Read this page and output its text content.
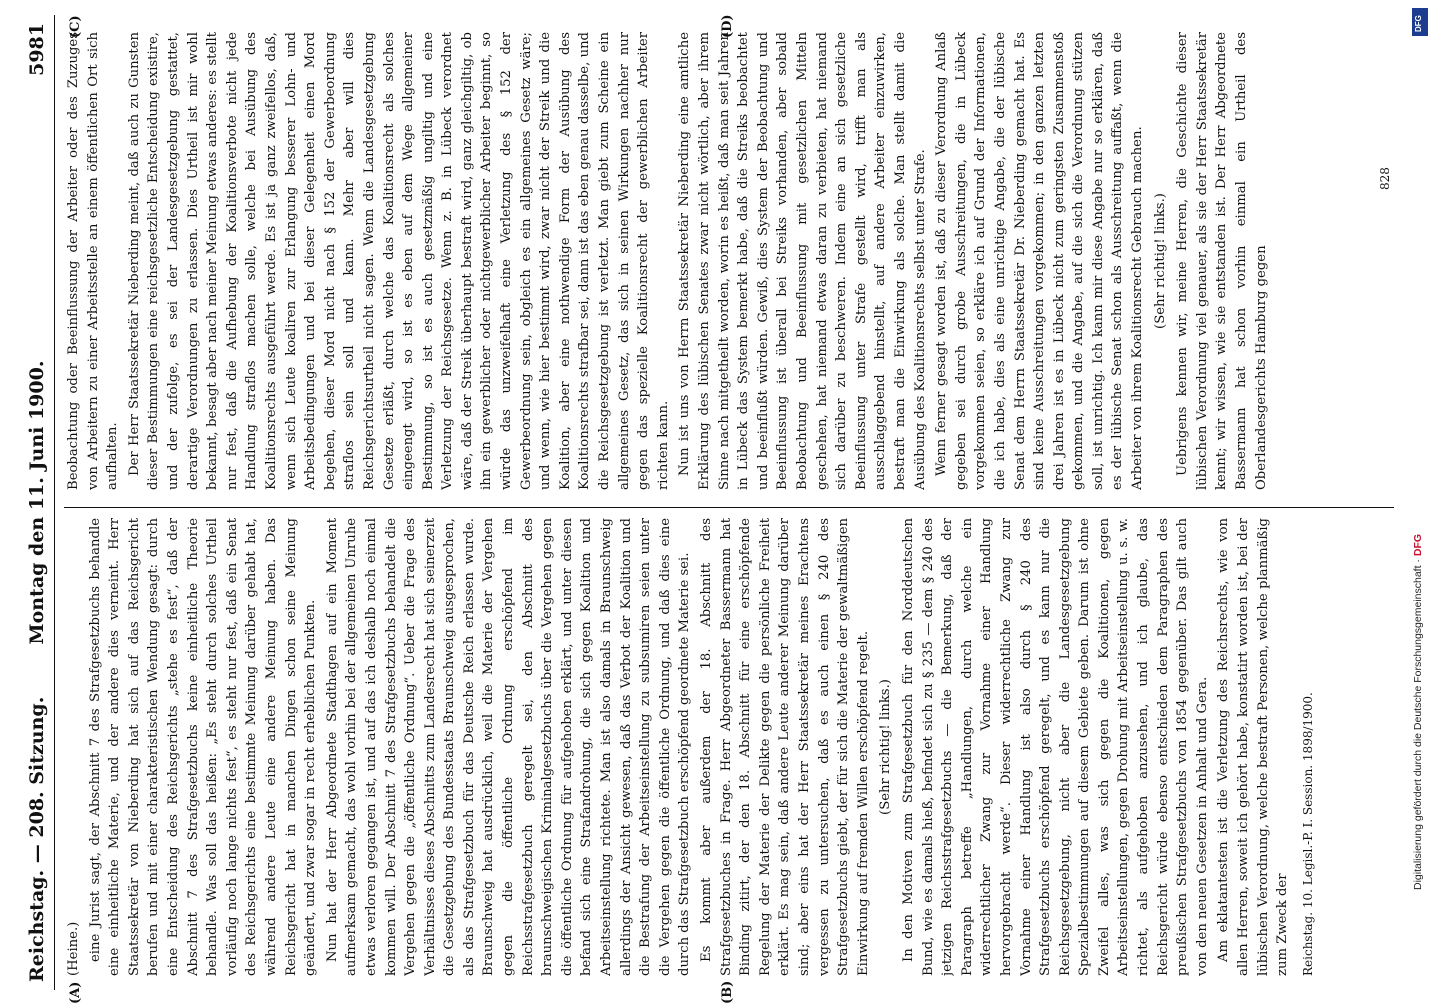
Reichstag. — 208. Sitzung.
Montag den 11. Juni 1900.
5981
(A)	(B)
(C)	(D)

(Heine.) eine Jurist sagt, der Abschnitt 7 des Strafgesetzbuchs behandle eine einheitliche Materie, und der andere dies verneint. Herr Staatssekretär von Nieberding hat sich auf das Reichsgericht berufen und mit einer charakteristischen Wendung gesagt: durch eine Entscheidung des Reichsgerichts „stehe es fest“, daß der Abschnitt 7 des Strafgesetzbuchs keine einheitliche Theorie behandle. Was soll das heißen: „Es steht durch solches Urtheil vorläufig noch lange nichts fest“, es steht nur fest, daß ein Senat des Reichsgerichts eine bestimmte Meinung darüber gehabt hat, während andere Leute eine andere Meinung haben. Das Reichsgericht hat in manchen Dingen schon seine Meinung geändert, und zwar sogar in recht erheblichen Punkten. Nun hat der Herr Abgeordnete Stadthagen auf ein Moment aufmerksam gemacht, das wohl vorhin bei der allgemeinen Unruhe etwas verloren gegangen ist, und auf das ich deshalb noch einmal kommen will. Der Abschnitt 7 des Strafgesetzbuchs behandelt die Vergehen gegen die „öffentliche Ordnung“. Ueber die Frage des Verhältnisses dieses Abschnitts zum Landesrecht hat sich seinerzeit die Gesetzgebung des Bundesstaats Braunschweig ausgesprochen, als das Strafgesetzbuch für das Deutsche Reich erlassen wurde. Braunschweig hat ausdrücklich, weil die Materie der Vergehen gegen die öffentliche Ordnung erschöpfend im Reichsstrafgesetzbuch geregelt sei, den Abschnitt des braunschweigischen Kriminalgesetzbuchs über die Vergehen gegen die öffentliche Ordnung für aufgehoben erklärt, und unter diesen befand sich eine Strafandrohung, die sich gegen Koalition und Arbeitseinstellung richtete. Man ist also damals in Braunschweig allerdings der Ansicht gewesen, daß das Verbot der Koalition und die Bestrafung der Arbeitseinstellung zu subsumiren seien unter die Vergehen gegen die öffentliche Ordnung, und daß dies eine durch das Strafgesetzbuch erschöpfend geordnete Materie sei. Es kommt aber außerdem der 18. Abschnitt des Strafgesetzbuches in Frage. Herr Abgeordneter Bassermann hat Binding zitirt, der den 18. Abschnitt für eine erschöpfende Regelung der Materie der Delikte gegen die persönliche Freiheit erklärt. Es mag sein, daß andere Leute anderer Meinung darüber sind; aber eins hat der Herr Staatssekretär meines Erachtens vergessen zu untersuchen, daß es auch einen § 240 des Strafgesetzbuchs giebt, der für sich die Materie der gewaltmäßigen Einwirkung auf fremden Willen erschöpfend regelt. (Sehr richtig! links.) In den Motiven zum Strafgesetzbuch für den Norddeutschen Bund, wie es damals hieß, befindet sich zu § 235 — dem § 240 des jetzigen Reichsstrafgesetzbuchs — die Bemerkung, daß der Paragraph betreffe „Handlungen, durch welche ein widerrechtlicher Zwang zur Vornahme einer Handlung hervorgebracht werde“. Dieser widerrechtliche Zwang zur Vornahme einer Handlung ist also durch § 240 des Strafgesetzbuchs erschöpfend geregelt, und es kann nur die Reichsgesetzgebung, nicht aber die Landesgesetzgebung Spezialbestimmungen auf diesem Gebiete geben. Darum ist ohne Zweifel alles, was sich gegen die Koalitionen, gegen Arbeitseinstellungen, gegen Drohung mit Arbeitseinstellung u. s. w. richtet, als aufgehoben anzusehen, und ich glaube, das Reichsgericht würde ebenso entschieden dem Paragraphen des preußischen Strafgesetzbuchs von 1854 gegenüber. Das gilt auch von den neuen Gesetzen in Anhalt und Gera. Am eklatantesten ist die Verletzung des Reichsrechts, wie von allen Herren, soweit ich gehört habe, konstatirt worden ist, bei der lübischen Verordnung, welche bestraft Personen, welche planmäßig zum Zweck der Reichstag. 10. Legisl.-P. I. Session. 1898/1900.

Beobachtung oder Beeinflussung der Arbeiter oder des Zuzuges von Arbeitern zu einer Arbeitsstelle an einem öffentlichen Ort sich aufhalten. Der Herr Staatssekretär Nieberding meint, daß auch zu Gunsten dieser Bestimmungen eine reichsgesetzliche Entscheidung existire, und der zufolge, es sei der Landesgesetzgebung gestattet, derartige Verordnungen zu erlassen. Dies Urtheil ist mir wohl bekannt, besagt aber nach meiner Meinung etwas anderes: es stellt nur fest, daß die Aufhebung der Koalitionsverbote nicht jede Handlung straflos machen solle, welche bei Ausübung des Koalitionsrechts ausgeführt werde. Es ist ja ganz zweifellos, daß, wenn sich Leute koaliren zur Erlangung besserer Lohn- und Arbeitsbedingungen und bei dieser Gelegenheit einen Mord begehen, dieser Mord nicht nach § 152 der Gewerbeordnung straflos sein soll und kann. Mehr aber will dies Reichsgerichtsurtheil nicht sagen. Wenn die Landesgesetzgebung Gesetze erläßt, durch welche das Koalitionsrecht als solches eingeengt wird, so ist es eben auf dem Wege allgemeiner Bestimmung, so ist es auch gesetzmäßig ungiltig und eine Verletzung der Reichsgesetze. Wenn z. B. in Lübeck verordnet wäre, daß der Streik überhaupt bestraft wird, ganz gleichgiltig, ob ihn ein gewerblicher oder nichtgewerblicher Arbeiter beginnt, so würde das unzweifelhaft eine Verletzung des § 152 der Gewerbeordnung sein, obgleich es ein allgemeines Gesetz wäre; und wenn, wie hier bestimmt wird, zwar nicht der Streik und die Koalition, aber eine nothwendige Form der Ausübung des Koalitionsrechts strafbar sei, dann ist das eben genau dasselbe, und die Reichsgesetzgebung ist verletzt. Man giebt zum Scheine ein allgemeines Gesetz, das sich in seinen Wirkungen nachher nur gegen das spezielle Koalitionsrecht der gewerblichen Arbeiter richten kann. Nun ist uns von Herrn Staatssekretär Nieberding eine amtliche Erklärung des lübischen Senates zwar nicht wörtlich, aber ihrem Sinne nach mitgetheilt worden, worin es heißt, daß man seit Jahren in Lübeck das System bemerkt habe, daß die Streiks beobachtet und beeinflußt würden. Gewiß, dies System der Beobachtung und Beeinflussung ist überall bei Streiks vorhanden, aber sobald Beobachtung und Beeinflussung mit gesetzlichen Mitteln geschehen, hat niemand etwas daran zu verbieten, hat niemand sich darüber zu beschweren. Indem eine an sich gesetzliche Beeinflussung unter Strafe gestellt wird, trifft man als ausschlaggebend hinstellt, auf andere Arbeiter einzuwirken, bestraft man die Einwirkung als solche. Man stellt damit die Ausübung des Koalitionsrechts selbst unter Strafe. Wenn ferner gesagt worden ist, daß zu dieser Verordnung Anlaß gegeben sei durch grobe Ausschreitungen, die in Lübeck vorgekommen seien, so erkläre ich auf Grund der Informationen, die ich habe, dies als eine unrichtige Angabe, die der lübische Senat dem Herrn Staatssekretär Dr. Nieberding gemacht hat. Es sind keine Ausschreitungen vorgekommen; in den ganzen letzten drei Jahren ist es in Lübeck nicht zum geringsten Zusammenstoß gekommen, und die Angabe, auf die sich die Verordnung stützen soll, ist unrichtig. Ich kann mir diese Angabe nur so erklären, daß es der lübische Senat schon als Ausschreitung auffaßt, wenn die Arbeiter von ihrem Koalitionsrecht Gebrauch machen. (Sehr richtig! links.) Uebrigens kennen wir, meine Herren, die Geschichte dieser lübischen Verordnung viel genauer, als sie der Herr Staatssekretär kennt; wir wissen, wie sie entstanden ist. Der Herr Abgeordnete Bassermann hat schon vorhin einmal ein Urtheil des Oberlandesgerichts Hamburg gegen

828
Digitalisierung gefördert durch die Deutsche Forschungsgemeinschaft · DFG
DFG
